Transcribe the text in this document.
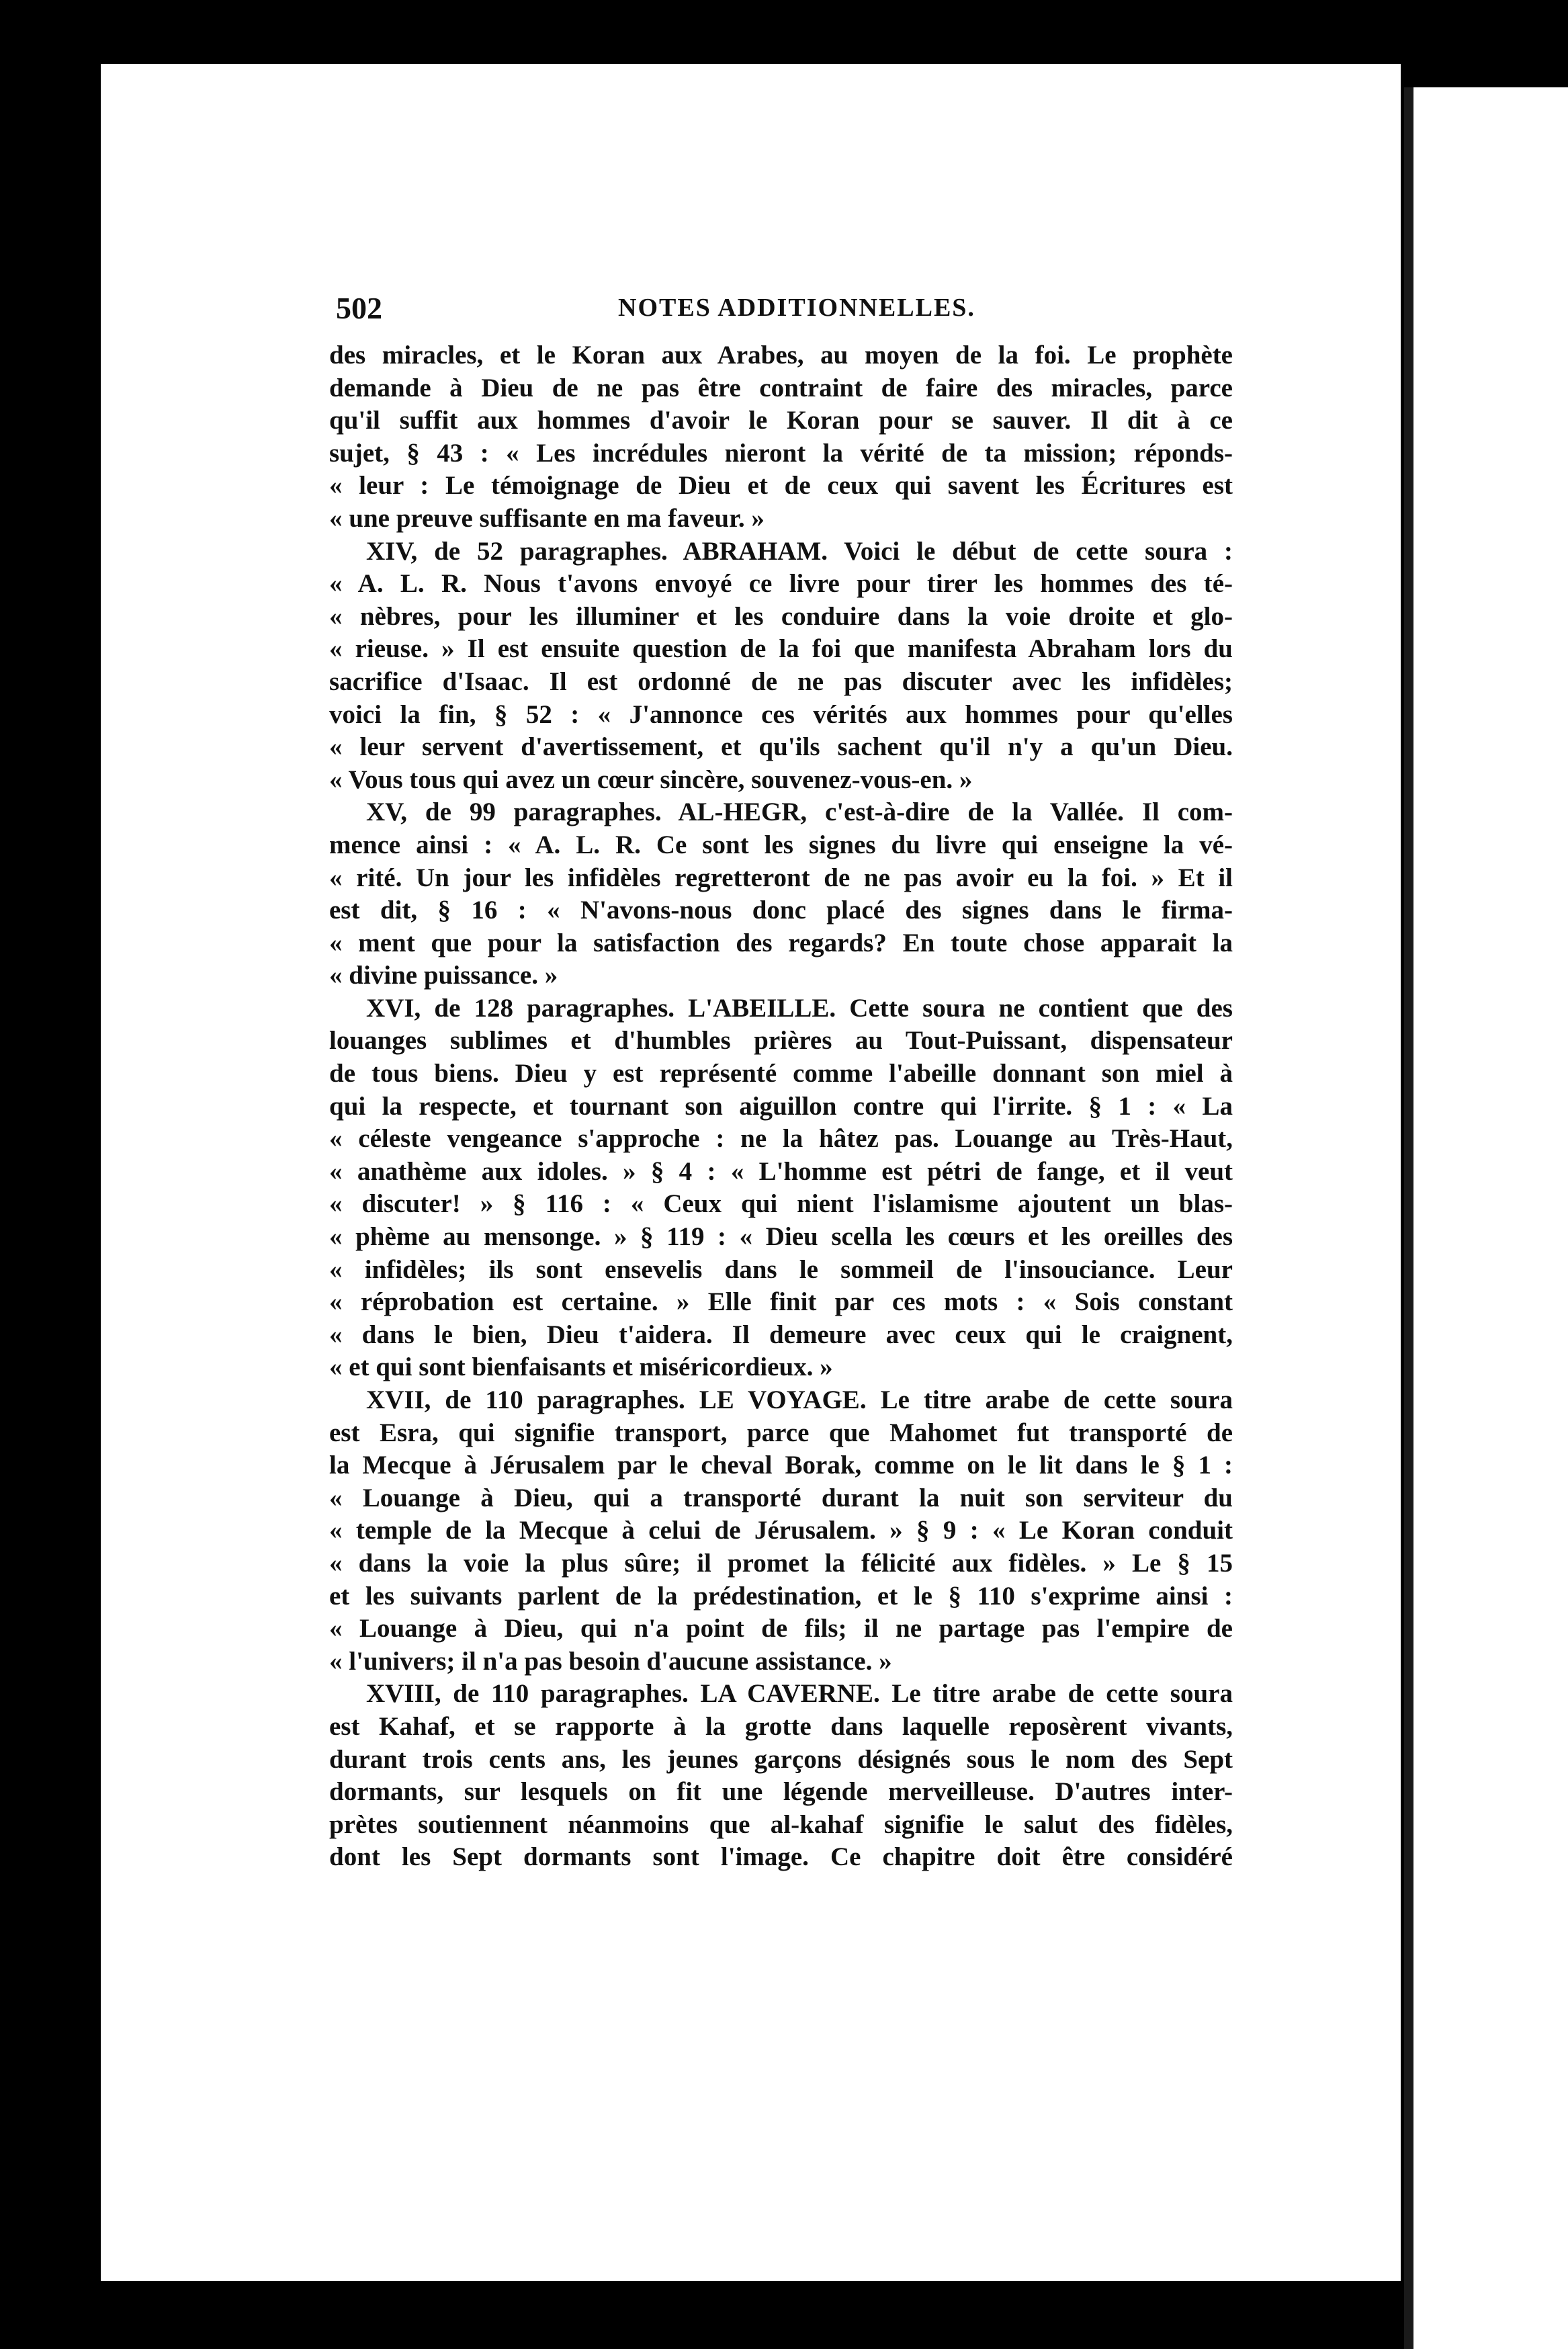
502	NOTES ADDITIONNELLES.
des miracles, et le Koran aux Arabes, au moyen de la foi. Le prophète
demande à Dieu de ne pas être contraint de faire des miracles, parce
qu'il suffit aux hommes d'avoir le Koran pour se sauver. Il dit à ce
sujet, § 43 : « Les incrédules nieront la vérité de ta mission; réponds-
« leur : Le témoignage de Dieu et de ceux qui savent les Écritures est
« une preuve suffisante en ma faveur. »
XIV, de 52 paragraphes. ABRAHAM. Voici le début de cette soura :
« A. L. R. Nous t'avons envoyé ce livre pour tirer les hommes des té-
« nèbres, pour les illuminer et les conduire dans la voie droite et glo-
« rieuse. » Il est ensuite question de la foi que manifesta Abraham lors du
sacrifice d'Isaac. Il est ordonné de ne pas discuter avec les infidèles;
voici la fin, § 52 : « J'annonce ces vérités aux hommes pour qu'elles
« leur servent d'avertissement, et qu'ils sachent qu'il n'y a qu'un Dieu.
« Vous tous qui avez un cœur sincère, souvenez-vous-en. »
XV, de 99 paragraphes. AL-HEGR, c'est-à-dire de la Vallée. Il com-
mence ainsi : « A. L. R. Ce sont les signes du livre qui enseigne la vé-
« rité. Un jour les infidèles regretteront de ne pas avoir eu la foi. » Et il
est dit, § 16 : « N'avons-nous donc placé des signes dans le firma-
« ment que pour la satisfaction des regards? En toute chose apparait la
« divine puissance. »
XVI, de 128 paragraphes. L'ABEILLE. Cette soura ne contient que des
louanges sublimes et d'humbles prières au Tout-Puissant, dispensateur
de tous biens. Dieu y est représenté comme l'abeille donnant son miel à
qui la respecte, et tournant son aiguillon contre qui l'irrite. § 1 : « La
« céleste vengeance s'approche : ne la hâtez pas. Louange au Très-Haut,
« anathème aux idoles. » § 4 : « L'homme est pétri de fange, et il veut
« discuter! » § 116 : « Ceux qui nient l'islamisme ajoutent un blas-
« phème au mensonge. » § 119 : « Dieu scella les cœurs et les oreilles des
« infidèles; ils sont ensevelis dans le sommeil de l'insouciance. Leur
« réprobation est certaine. » Elle finit par ces mots : « Sois constant
« dans le bien, Dieu t'aidera. Il demeure avec ceux qui le craignent,
« et qui sont bienfaisants et miséricordieux. »
XVII, de 110 paragraphes. LE VOYAGE. Le titre arabe de cette soura
est Esra, qui signifie transport, parce que Mahomet fut transporté de
la Mecque à Jérusalem par le cheval Borak, comme on le lit dans le § 1 :
« Louange à Dieu, qui a transporté durant la nuit son serviteur du
« temple de la Mecque à celui de Jérusalem. » § 9 : « Le Koran conduit
« dans la voie la plus sûre; il promet la félicité aux fidèles. » Le § 15
et les suivants parlent de la prédestination, et le § 110 s'exprime ainsi :
« Louange à Dieu, qui n'a point de fils; il ne partage pas l'empire de
« l'univers; il n'a pas besoin d'aucune assistance. »
XVIII, de 110 paragraphes. LA CAVERNE. Le titre arabe de cette soura
est Kahaf, et se rapporte à la grotte dans laquelle reposèrent vivants,
durant trois cents ans, les jeunes garçons désignés sous le nom des Sept
dormants, sur lesquels on fit une légende merveilleuse. D'autres inter-
prètes soutiennent néanmoins que al-kahaf signifie le salut des fidèles,
dont les Sept dormants sont l'image. Ce chapitre doit être considéré
